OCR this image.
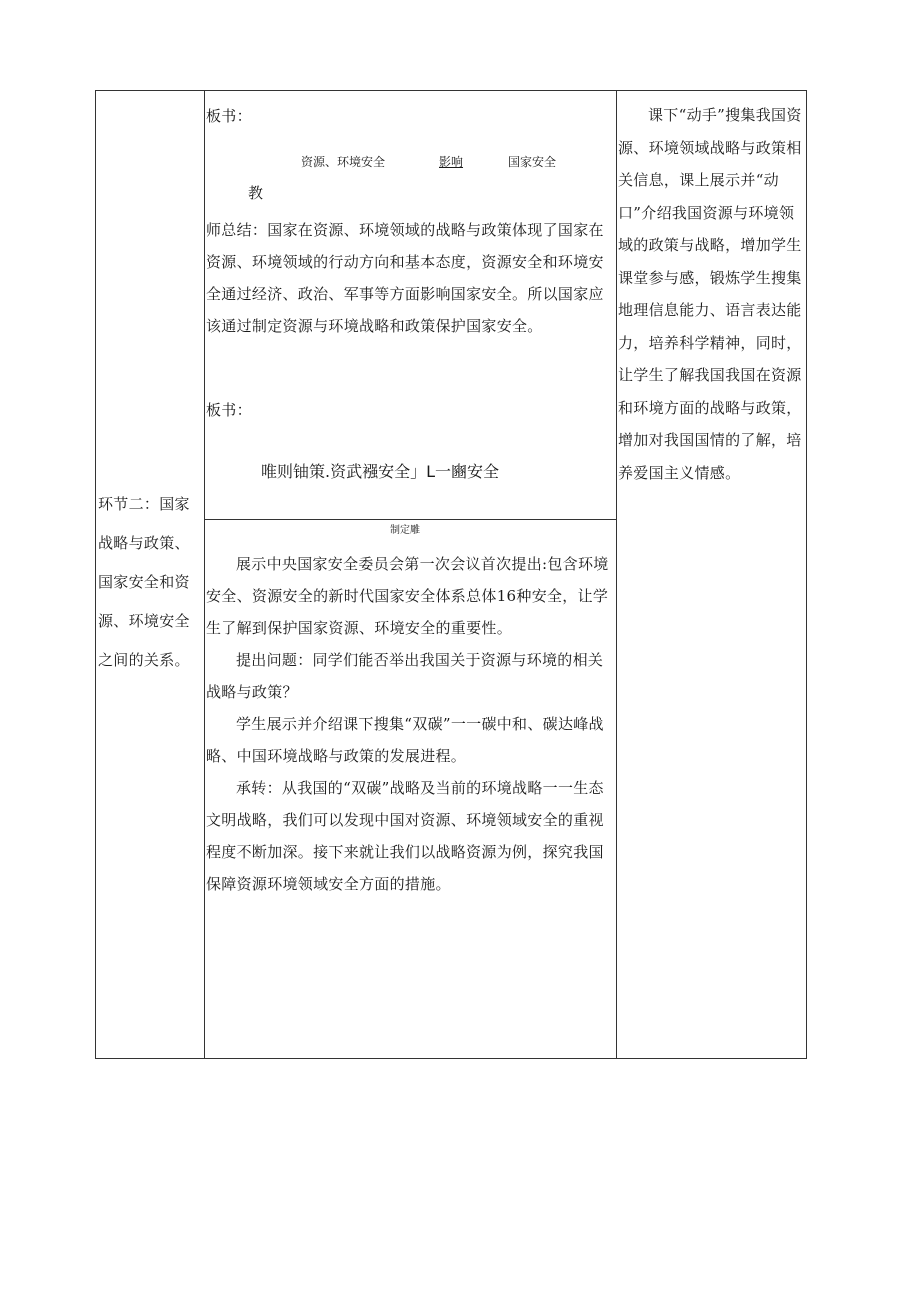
环节二：国家战略与政策、国家安全和资源、环境安全之间的关系。
板书：
资源、环境安全	影响	国家安全
教
师总结：国家在资源、环境领域的战略与政策体现了国家在资源、环境领域的行动方向和基本态度，资源安全和环境安全通过经济、政治、军事等方面影响国家安全。所以国家应该通过制定资源与环境战略和政策保护国家安全。
板书：
唯则铀策.资武襁安全」L一豳安全
制定雕

展示中央国家安全委员会第一次会议首次提出:包含环境安全、资源安全的新时代国家安全体系总体16种安全，让学生了解到保护国家资源、环境安全的重要性。

提出问题：同学们能否举出我国关于资源与环境的相关战略与政策？

学生展示并介绍课下搜集“双碳”一一碳中和、碳达峰战略、中国环境战略与政策的发展进程。

承转：从我国的“双碳”战略及当前的环境战略一一生态文明战略，我们可以发现中国对资源、环境领域安全的重视程度不断加深。接下来就让我们以战略资源为例，探究我国保障资源环境领域安全方面的措施。

课下“动手”搜集我国资源、环境领域战略与政策相关信息，课上展示并“动口”介绍我国资源与环境领域的政策与战略，增加学生课堂参与感，锻炼学生搜集地理信息能力、语言表达能力，培养科学精神，同时，让学生了解我国我国在资源和环境方面的战略与政策，增加对我国国情的了解，培养爱国主义情感。
